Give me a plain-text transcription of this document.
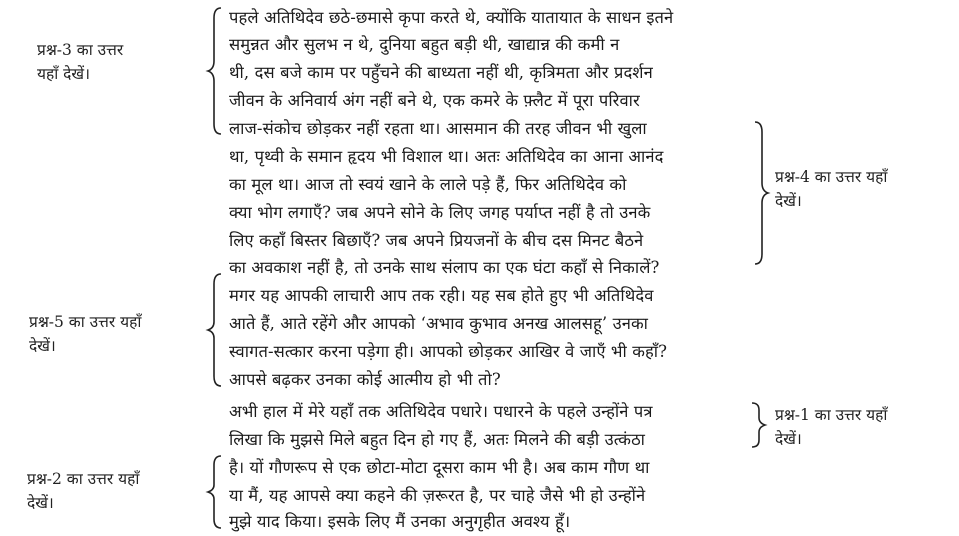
प्रश्न-3 का उत्तर
यहाँ देखें।
प्रश्न-4 का उत्तर यहाँ
देखें।
प्रश्न-5 का उत्तर यहाँ
देखें।
प्रश्न-1 का उत्तर यहाँ
देखें।
प्रश्न-2 का उत्तर यहाँ
देखें।
पहले अतिथिदेव छठे-छमासे कृपा करते थे, क्योंकि यातायात के साधन इतने
समुन्नत और सुलभ न थे, दुनिया बहुत बड़ी थी, खाद्यान्न की कमी न
थी, दस बजे काम पर पहुँचने की बाध्यता नहीं थी, कृत्रिमता और प्रदर्शन
जीवन के अनिवार्य अंग नहीं बने थे, एक कमरे के फ़्लैट में पूरा परिवार
लाज-संकोच छोड़कर नहीं रहता था। आसमान की तरह जीवन भी खुला
था, पृथ्वी के समान हृदय भी विशाल था। अतः अतिथिदेव का आना आनंद
का मूल था। आज तो स्वयं खाने के लाले पड़े हैं, फिर अतिथिदेव को
क्या भोग लगाएँ? जब अपने सोने के लिए जगह पर्याप्त नहीं है तो उनके
लिए कहाँ बिस्तर बिछाएँ? जब अपने प्रियजनों के बीच दस मिनट बैठने
का अवकाश नहीं है, तो उनके साथ संलाप का एक घंटा कहाँ से निकालें?
मगर यह आपकी लाचारी आप तक रही। यह सब होते हुए भी अतिथिदेव
आते हैं, आते रहेंगे और आपको ‘अभाव कुभाव अनख आलसहू’ उनका
स्वागत-सत्कार करना पड़ेगा ही। आपको छोड़कर आखिर वे जाएँ भी कहाँ?
आपसे बढ़कर उनका कोई आत्मीय हो भी तो?
अभी हाल में मेरे यहाँ तक अतिथिदेव पधारे। पधारने के पहले उन्होंने पत्र
लिखा कि मुझसे मिले बहुत दिन हो गए हैं, अतः मिलने की बड़ी उत्कंठा
है। यों गौणरूप से एक छोटा-मोटा दूसरा काम भी है। अब काम गौण था
या मैं, यह आपसे क्या कहने की ज़रूरत है, पर चाहे जैसे भी हो उन्होंने
मुझे याद किया। इसके लिए मैं उनका अनुगृहीत अवश्य हूँ।
